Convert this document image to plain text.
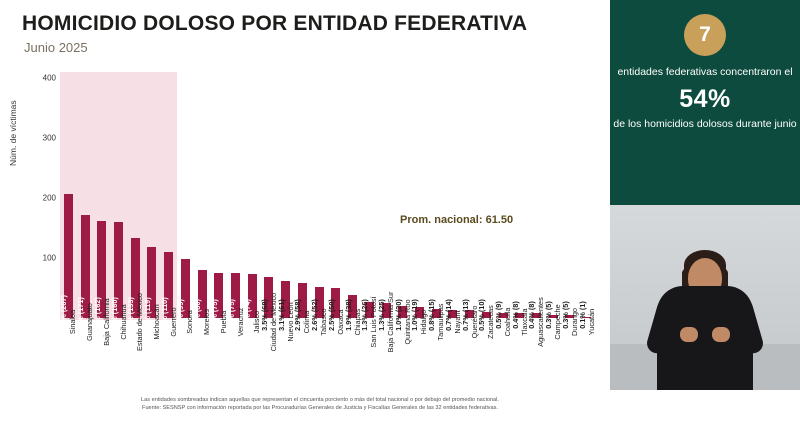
HOMICIDIO DOLOSO POR ENTIDAD FEDERATIVA
Junio 2025
Núm. de víctimas
100
200
300
400
10.5% (207) 8.7% (171) 8.2% (162) 8.1% (160) 6.8% (133) 6.0% (119) 5.6% (110) 5.0% (99) 4.1% (80) 3.8% (75) 3.8% (75) 3.8% (74) 3.5% (68) 3.1% (61) 2.9% (58) 2.6% (52) 2.5% (50) 1.9% (38) 1.3% (26) 1.3% (25) 1.0% (20) 1.0% (19) 0.8% (15) 0.7% (14) 0.7% (13) 0.5% (10) 0.5% (9) 0.4% (8) 0.4% (8) 0.3% (5) 0.3% (5) 0.1% (1)
Sinaloa Guanajuato Baja California Chihuahua Estado de México Michoacán Guerrero Sonora Morelos Puebla Veracruz Jalisco Ciudad de México Nuevo León Colima Tabasco Oaxaca Chiapas San Luis Potosí Baja California Sur Quintana Roo Hidalgo Tamaulipas Nayarit Querétaro Zacatecas Coahuila Tlaxcala Aguascalientes Campeche Durango Yucatán
Prom. nacional: 61.50
Las entidades sombreadas indican aquellas que representan el cincuenta porciento o más del total nacional o por debajo del promedio nacional.
Fuente: SESNSP con información reportada por las Procuradurías Generales de Justicia y Fiscalías Generales de las 32 entidades federativas.
7
entidades federativas concentraron el
54%
de los homicidios dolosos durante junio
